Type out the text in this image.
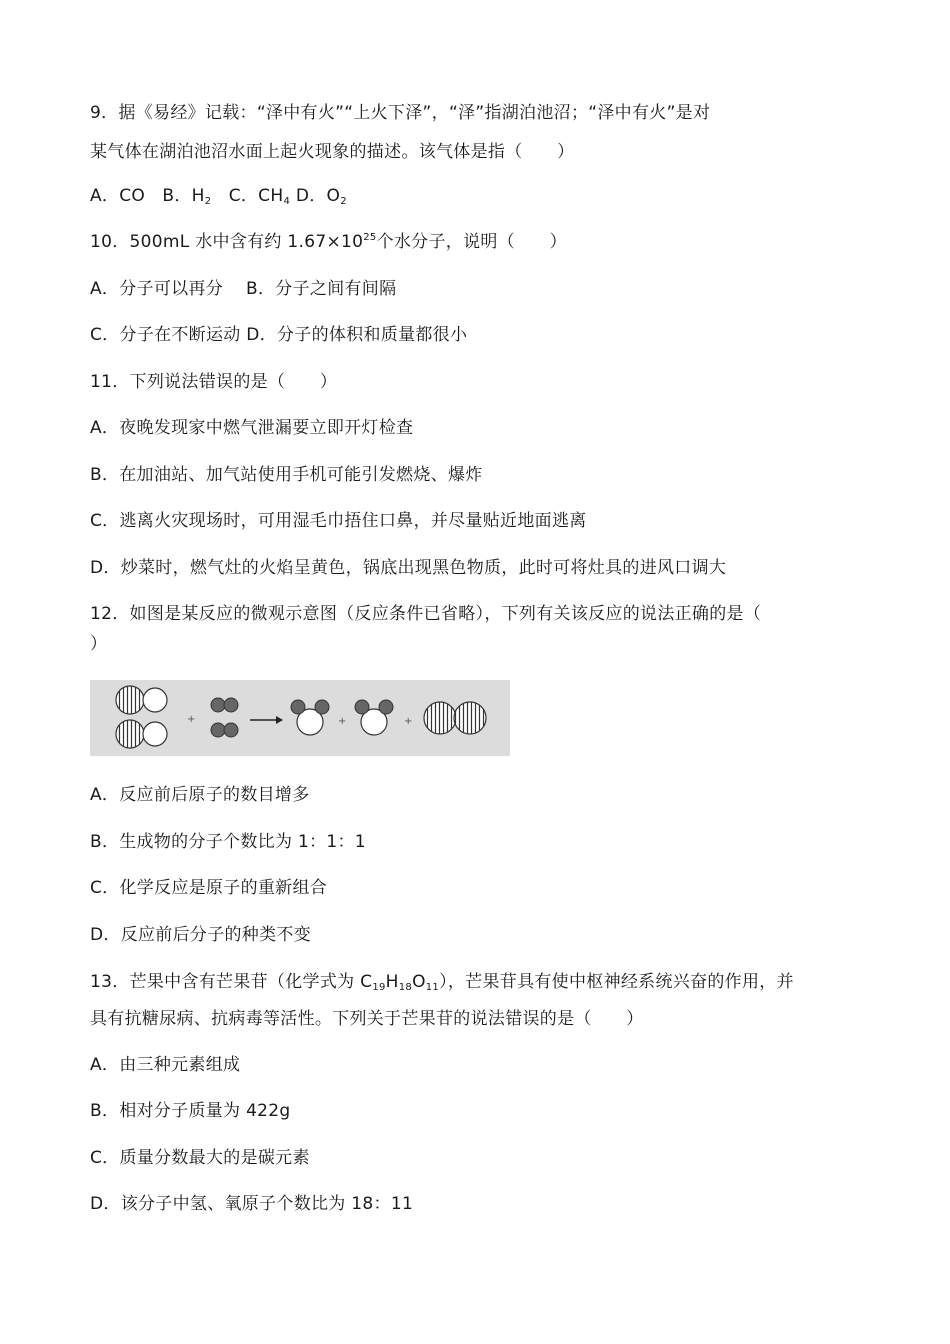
9．据《易经》记载：“泽中有火”“上火下泽”，“泽”指湖泊池沼；“泽中有火”是对
某气体在湖泊池沼水面上起火现象的描述。该气体是指（　　）
A．CO　B．$H_2$　C．$CH_4$ D．$O_2$
10．500mL 水中含有约 $1.67\times 10^{25}$个水分子，说明（　　）
A．分子可以再分　 B．分子之间有间隔
C．分子在不断运动 D．分子的体积和质量都很小
11．下列说法错误的是（　　）
A．夜晚发现家中燃气泄漏要立即开灯检查
B．在加油站、加气站使用手机可能引发燃烧、爆炸
C．逃离火灾现场时，可用湿毛巾捂住口鼻，并尽量贴近地面逃离
D．炒菜时，燃气灶的火焰呈黄色，锅底出现黑色物质，此时可将灶具的进风口调大
12．如图是某反应的微观示意图（反应条件已省略），下列有关该反应的说法正确的是（
）
+	+	+
A．反应前后原子的数目增多
B．生成物的分子个数比为 1：1：1
C．化学反应是原子的重新组合
D．反应前后分子的种类不变
13．芒果中含有芒果苷（化学式为 $C_{19}H_{18}O_{11}$），芒果苷具有使中枢神经系统兴奋的作用，并
具有抗糖尿病、抗病毒等活性。下列关于芒果苷的说法错误的是（　　）
A．由三种元素组成
B．相对分子质量为 422g
C．质量分数最大的是碳元素
D．该分子中氢、氧原子个数比为 18：11
